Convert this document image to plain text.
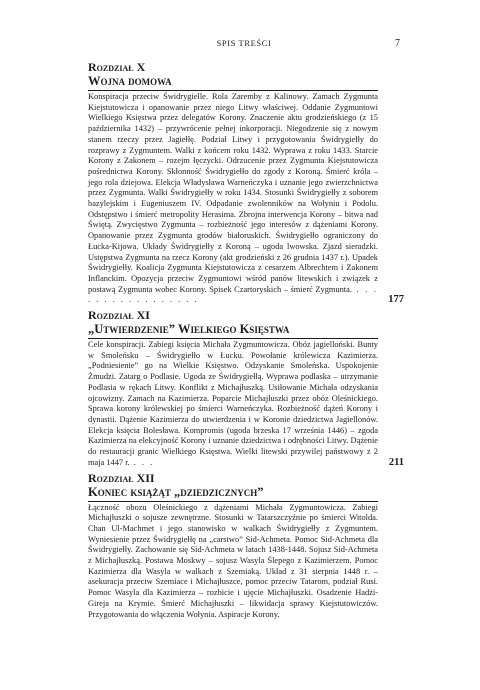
SPIS TREŚCI	7
Rozdział X
Wojna domowa

Konspiracja przeciw Świdrygielle. Rola Zaremby z Kalinowy. Zamach Zygmunta Kiejstutowicza i opanowanie przez niego Litwy właściwej. Oddanie Zygmuntowi Wielkiego Księstwa przez delegatów Korony. Znaczenie aktu grodzieńskiego (z 15 października 1432) – przywrócenie pełnej inkorporacji. Niegodzenie się z nowym stanem rzeczy przez Jagiełłę. Podział Litwy i przygotowania Świdrygiełły do rozprawy z Zygmuntem. Walki z końcem roku 1432. Wyprawa z roku 1433. Starcie Korony z Zakonem – rozejm łęczycki. Odrzucenie przez Zygmunta Kiejstutowicza pośrednictwa Korony. Skłonność Świdrygiełło do zgody z Koroną. Śmierć króla – jego rola dziejowa. Elekcja Władysława Warneńczyka i uznanie jego zwierzchnictwa przez Zygmunta. Walki Świdrygiełły w roku 1434. Stosunki Świdrygiełły z soborem bazylejskim i Eugeniuszem IV. Odpadanie zwolenników na Wołyniu i Podolu. Odstępstwo i śmierć metropolity Herasima. Zbrojna interwencja Korony – bitwa nad Świętą. Zwycięstwo Zygmunta – rozbieżność jego interesów z dążeniami Korony. Opanowanie przez Zygmunta grodów białoruskich. Świdrygiełło ograniczony do Łucka-Kijowa. Układy Świdrygiełły z Koroną – ugoda lwowska. Zjazd sieradzki. Ustępstwa Zygmunta na rzecz Korony (akt grodzieński z 26 grudnia 1437 r.). Upadek Świdrygiełły. Koalicja Zygmunta Kiejstutowicza z cesarzem Albrechtem i Zakonem Inflanckim. Opozycja przeciw Zygmuntowi wśród panów litewskich i związek z postawą Zygmunta wobec Korony. Spisek Czartoryskich – śmierć Zygmunta. . . . . . . . . . . . . . . . . .	177
Rozdział XI
„Utwierdzenie” Wielkiego Księstwa

Cele konspiracji. Zabiegi księcia Michała Zygmuntowicza. Obóz jagielloński. Bunty w Smoleńsku – Świdrygiełło w Łucku. Powołanie królewicza Kazimierza. „Podniesienie” go na Wielkie Księstwo. Odzyskanie Smoleńska. Uspokojenie Żmudzi. Zatarg o Podlasie. Ugoda ze Świdrygiełłą. Wyprawa podlaska – utrzymanie Podlasia w rękach Litwy. Konflikt z Michajłuszką. Usiłowanie Michała odzyskania ojcowizny. Zamach na Kazimierza. Poparcie Michajłuszki przez obóz Oleśnickiego. Sprawa korony królewskiej po śmierci Warneńczyka. Rozbieżność dążeń Korony i dynastii. Dążenie Kazimierza do utwierdzenia i w Koronie dziedzictwa Jagiellonów. Elekcja księcia Bolesława. Kompromis (ugoda brzeska 17 września 1446) – zgoda Kazimierza na elekcyjność Korony i uznanie dziedzictwa i odrębności Litwy. Dążenie do restauracji granic Wielkiego Księstwa. Wielki litewski przywilej państwowy z 2 maja 1447 r. . . .	211
Rozdział XII
Koniec książąt „dziedzicznych”

Łączność obozu Oleśnickiego z dążeniami Michała Zygmuntowicza. Zabiegi Michajłuszki o sojusze zewnętrzne. Stosunki w Tatarszczyźnie po śmierci Witolda. Chan Ul-Machmet i jego stanowisko w walkach Świdrygiełły z Zygmuntem. Wyniesienie przez Świdrygiełłę na „carstwo” Sid-Achmeta. Pomoc Sid-Achmeta dla Świdrygiełły. Zachowanie się Sid-Achmeta w latach 1438-1448. Sojusz Sid-Achmeta z Michajłuszką. Postawa Moskwy – sojusz Wasyla Ślepego z Kazimierzem. Pomoc Kazimierza dla Wasyla w walkach z Szemiaką. Układ z 31 sierpnia 1448 r. – asekuracja przeciw Szemiace i Michajłuszce, pomoc przeciw Tatarom, podział Rusi. Pomoc Wasyla dla Kazimierza – rozbicie i ujęcie Michajłuszki. Osadzenie Hadżi-Gireja na Krymie. Śmierć Michajłuszki – likwidacja sprawy Kiejstutowiczów. Przygotowania do włączenia Wołynia. Aspiracje Korony.
